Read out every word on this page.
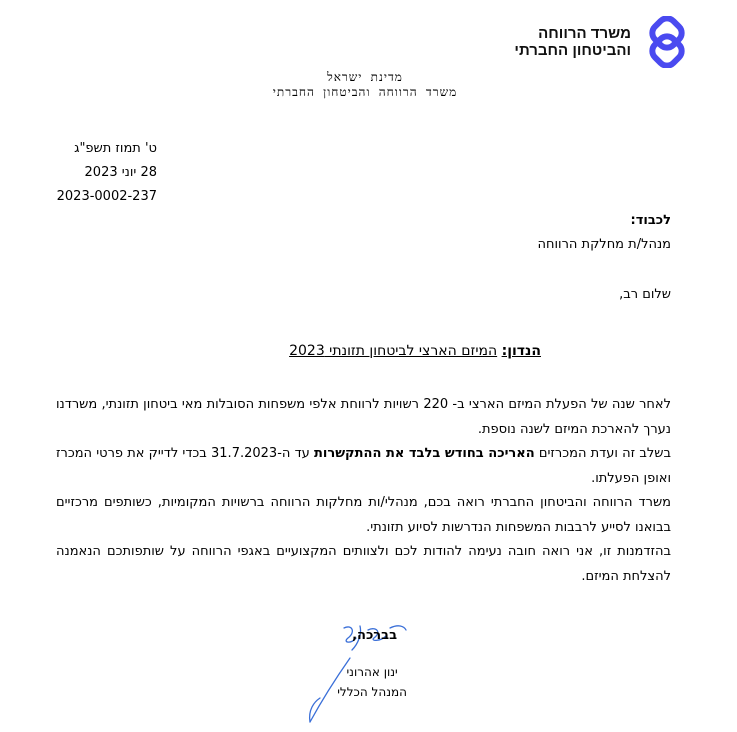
משרד הרווחה
והביטחון החברתי
מדינת ישראל
משרד הרווחה והביטחון החברתי
ט' תמוז תשפ"ג
28 יוני 2023
2023-0002-237
לכבוד:
מנהל/ת מחלקת הרווחה
שלום רב,
הנדון: המיזם הארצי לביטחון תזונתי 2023

לאחר שנה של הפעלת המיזם הארצי ב- 220 רשויות לרווחת אלפי משפחות הסובלות מאי ביטחון תזונתי, משרדנו נערך להארכת המיזם לשנה נוספת.

בשלב זה ועדת המכרזים האריכה בחודש בלבד את ההתקשרות עד ה-31.7.2023 בכדי לדייק את פרטי המכרז ואופן הפעלתו.

משרד הרווחה והביטחון החברתי רואה בכם, מנהלי/ות מחלקות הרווחה ברשויות המקומיות, כשותפים מרכזיים בבואנו לסייע לרבבות המשפחות הנדרשות לסיוע תזונתי.

בהזדמנות זו, אני רואה חובה נעימה להודות לכם ולצוותים המקצועיים באגפי הרווחה על שותפותכם הנאמנה להצלחת המיזם.

בברכה,
ינון אהרוני
המנהל הכללי
